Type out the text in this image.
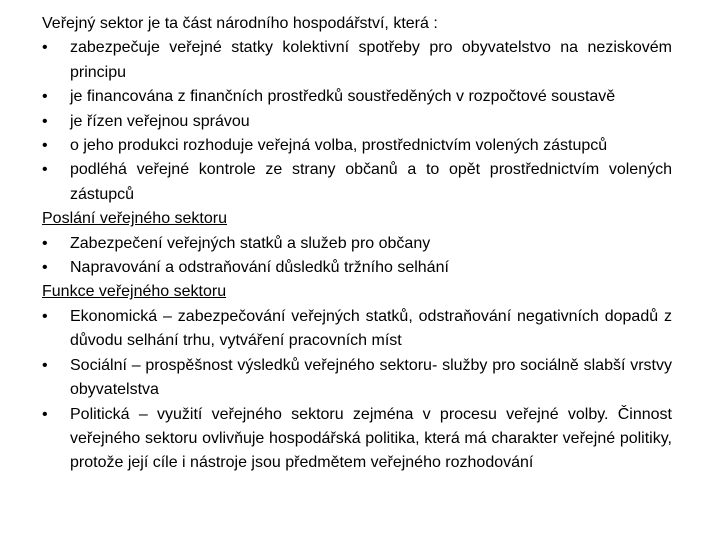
Veřejný sektor je ta část národního hospodářství, která :

• zabezpečuje veřejné statky kolektivní spotřeby pro obyvatelstvo na neziskovém principu
• je financována z finančních prostředků soustředěných v rozpočtové soustavě
• je řízen veřejnou správou
• o jeho produkci rozhoduje veřejná volba, prostřednictvím volených zástupců
• podléhá veřejné kontrole ze strany občanů a to opět prostřednictvím volených zástupců

Poslání veřejného sektoru

• Zabezpečení veřejných statků a služeb pro občany
• Napravování a odstraňování důsledků tržního selhání

Funkce veřejného sektoru

• Ekonomická – zabezpečování veřejných statků, odstraňování negativních dopadů z důvodu selhání trhu, vytváření pracovních míst
• Sociální – prospěšnost výsledků veřejného sektoru- služby pro sociálně slabší vrstvy obyvatelstva
• Politická – využití veřejného sektoru zejména v procesu veřejné volby. Činnost veřejného sektoru ovlivňuje hospodářská politika, která má charakter veřejné politiky, protože její cíle i nástroje jsou předmětem veřejného rozhodování
